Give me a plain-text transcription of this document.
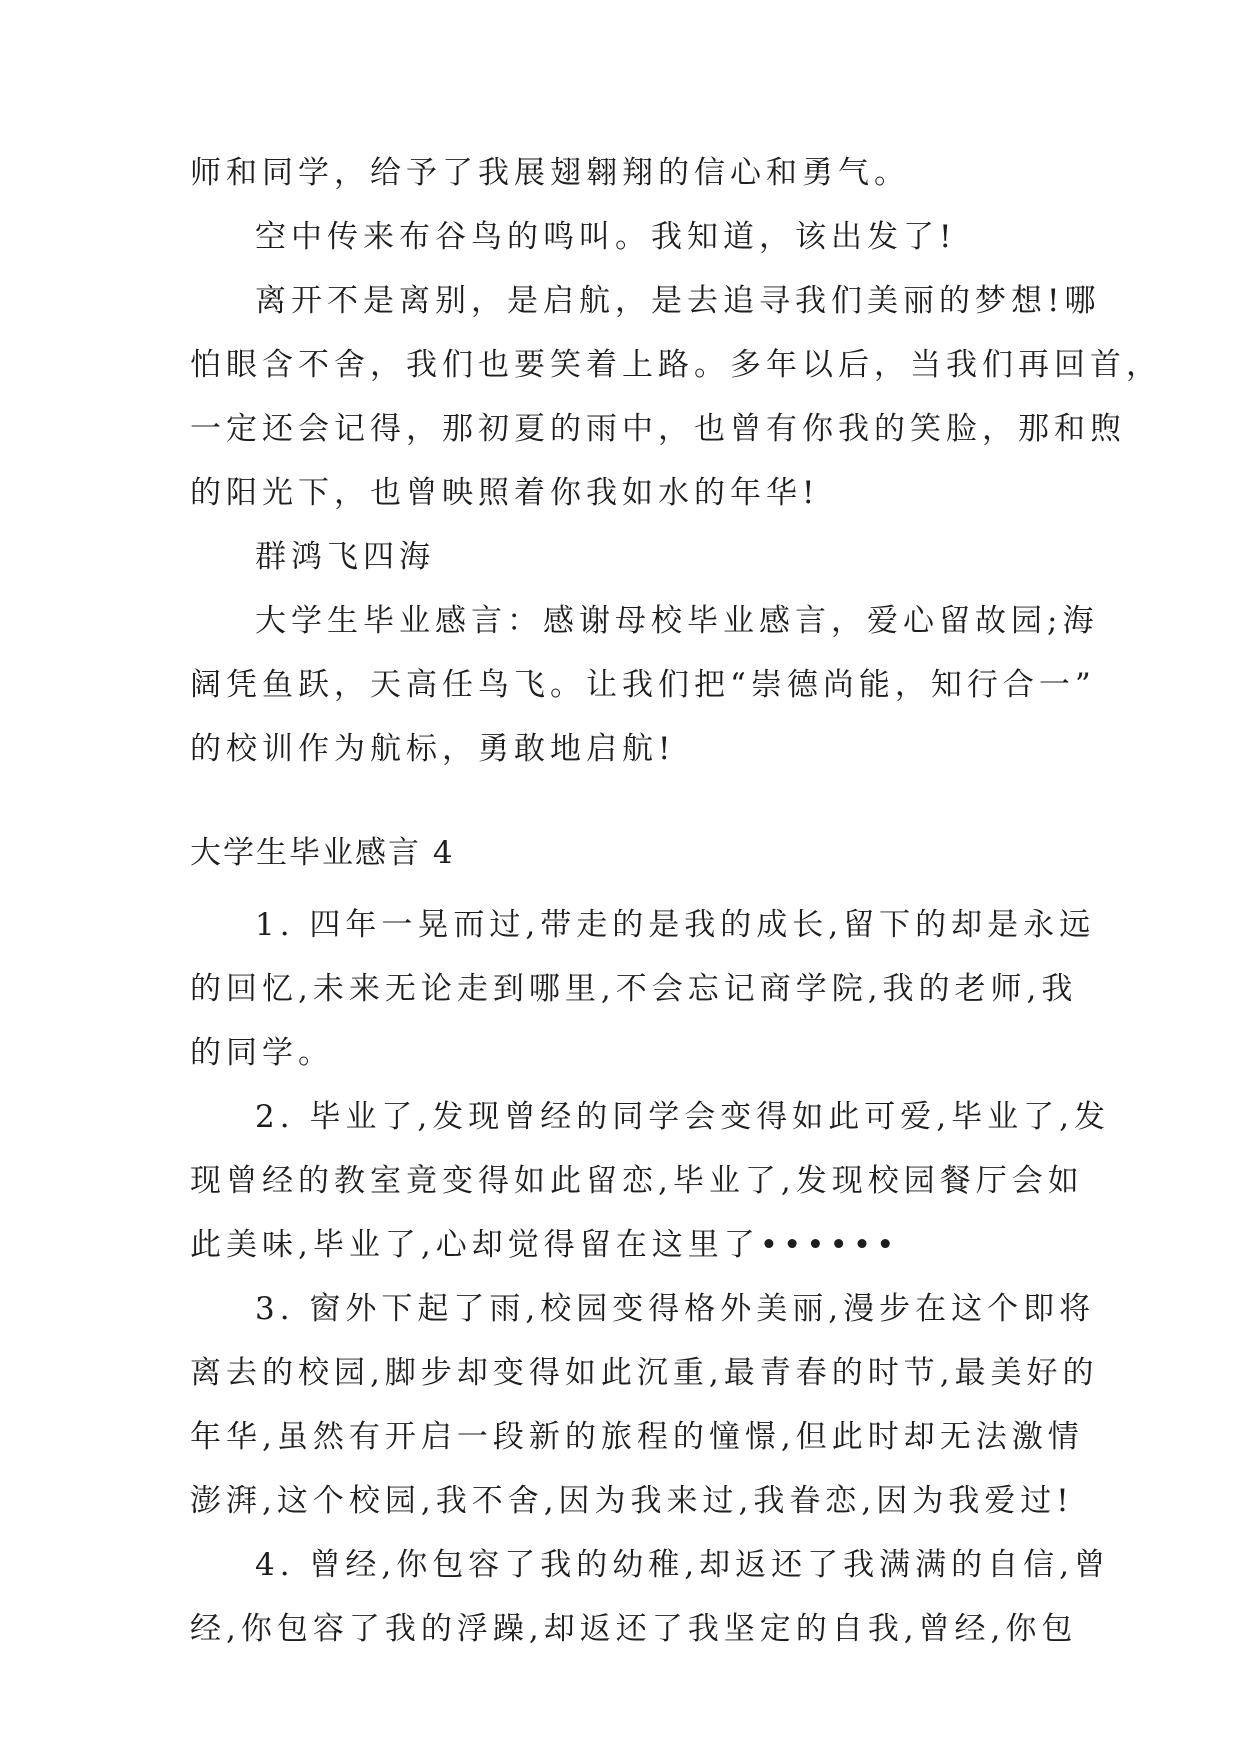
师和同学，给予了我展翅翱翔的信心和勇气。
空中传来布谷鸟的鸣叫。我知道，该出发了!
离开不是离别，是启航，是去追寻我们美丽的梦想!哪
怕眼含不舍，我们也要笑着上路。多年以后，当我们再回首，
一定还会记得，那初夏的雨中，也曾有你我的笑脸，那和煦
的阳光下，也曾映照着你我如水的年华!
群鸿飞四海
大学生毕业感言：感谢母校毕业感言，爱心留故园;海
阔凭鱼跃，天高任鸟飞。让我们把“崇德尚能，知行合一”
的校训作为航标，勇敢地启航!
大学生毕业感言 4
1. 四年一晃而过,带走的是我的成长,留下的却是永远
的回忆,未来无论走到哪里,不会忘记商学院,我的老师,我
的同学。
2. 毕业了,发现曾经的同学会变得如此可爱,毕业了,发
现曾经的教室竟变得如此留恋,毕业了,发现校园餐厅会如
此美味,毕业了,心却觉得留在这里了••••••
3. 窗外下起了雨,校园变得格外美丽,漫步在这个即将
离去的校园,脚步却变得如此沉重,最青春的时节,最美好的
年华,虽然有开启一段新的旅程的憧憬,但此时却无法激情
澎湃,这个校园,我不舍,因为我来过,我眷恋,因为我爱过!
4. 曾经,你包容了我的幼稚,却返还了我满满的自信,曾
经,你包容了我的浮躁,却返还了我坚定的自我,曾经,你包
